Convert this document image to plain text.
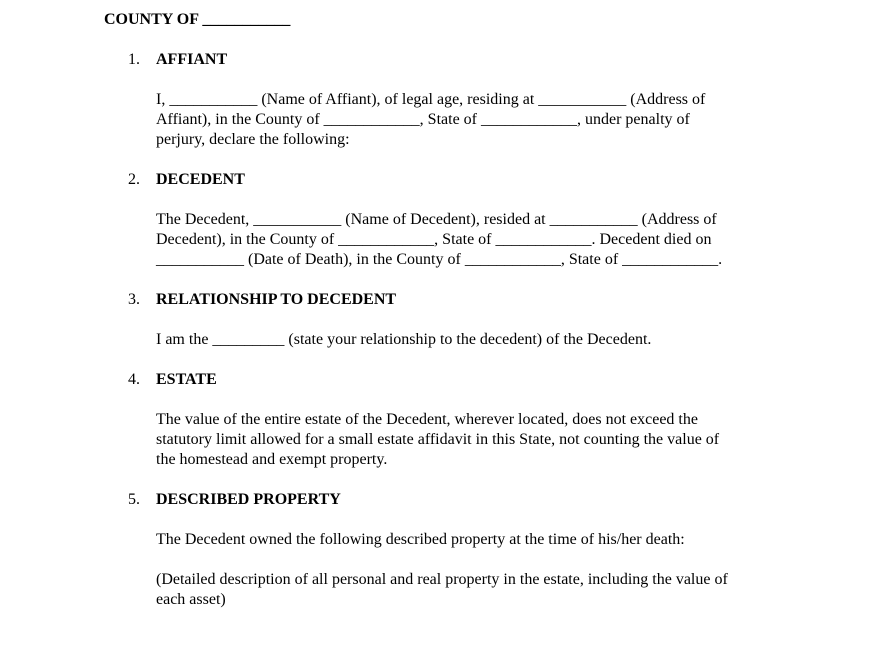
COUNTY OF ___________
1. AFFIANT
I, ___________ (Name of Affiant), of legal age, residing at ___________ (Address of
Affiant), in the County of ____________, State of ____________, under penalty of
perjury, declare the following:
2. DECEDENT
The Decedent, ___________ (Name of Decedent), resided at ___________ (Address of
Decedent), in the County of ____________, State of ____________. Decedent died on
___________ (Date of Death), in the County of ____________, State of ____________.
3. RELATIONSHIP TO DECEDENT
I am the _________ (state your relationship to the decedent) of the Decedent.
4. ESTATE
The value of the entire estate of the Decedent, wherever located, does not exceed the
statutory limit allowed for a small estate affidavit in this State, not counting the value of
the homestead and exempt property.
5. DESCRIBED PROPERTY
The Decedent owned the following described property at the time of his/her death:
(Detailed description of all personal and real property in the estate, including the value of
each asset)
